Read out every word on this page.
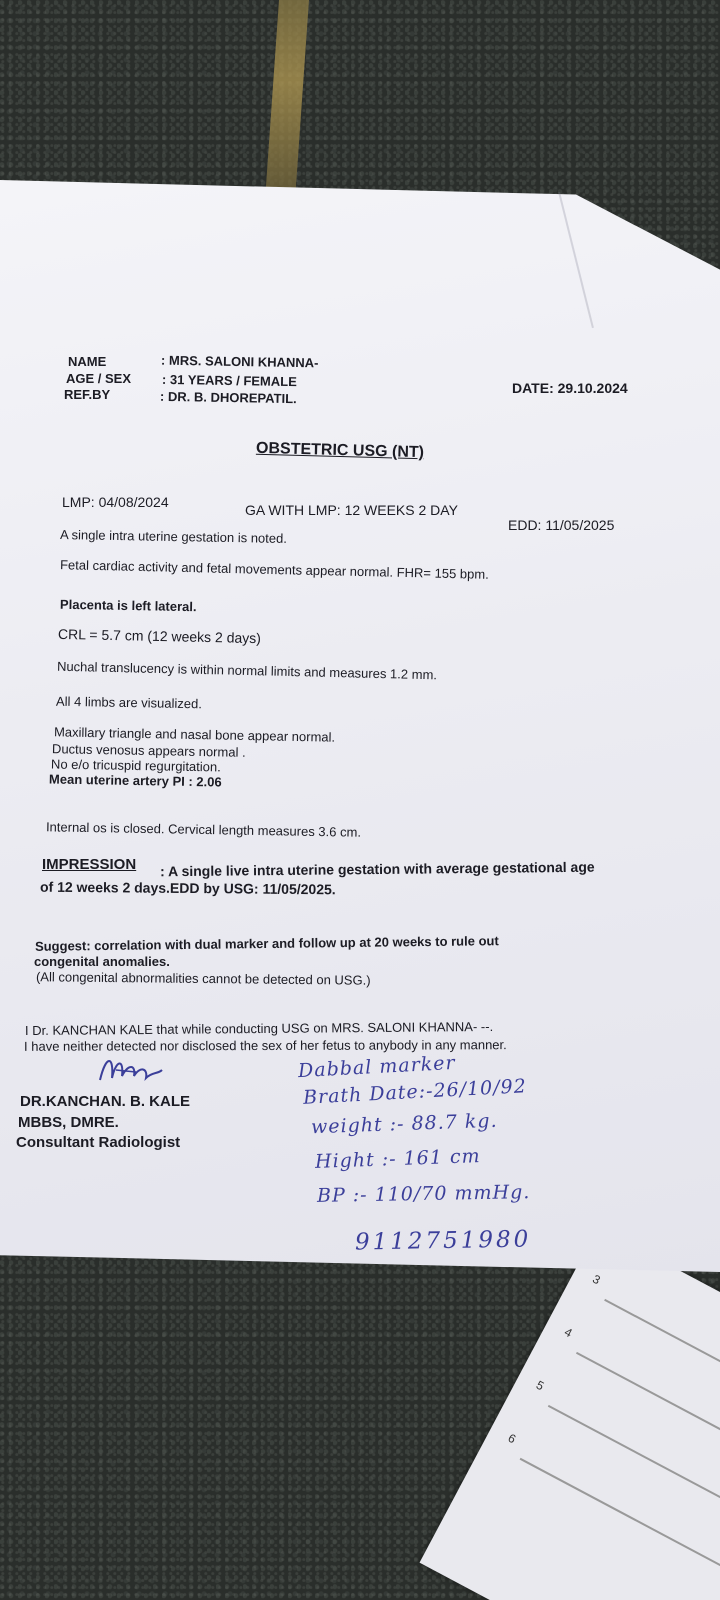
3
4
5
6
NAME	: MRS. SALONI KHANNA-
AGE / SEX : 31 YEARS / FEMALE
REF.BY	: DR. B. DHOREPATIL.
DATE: 29.10.2024
OBSTETRIC USG (NT)
LMP: 04/08/2024	GA WITH LMP: 12 WEEKS 2 DAY
EDD: 11/05/2025
A single intra uterine gestation is noted.
Fetal cardiac activity and fetal movements appear normal. FHR= 155 bpm.
Placenta is left lateral.
CRL = 5.7 cm (12 weeks 2 days)
Nuchal translucency is within normal limits and measures 1.2 mm.
All 4 limbs are visualized.
Maxillary triangle and nasal bone appear normal.
Ductus venosus appears normal .
No e/o tricuspid regurgitation.
Mean uterine artery PI : 2.06
Internal os is closed. Cervical length measures 3.6 cm.
IMPRESSION : A single live intra uterine gestation with average gestational age
of 12 weeks 2 days.EDD by USG: 11/05/2025.
Suggest: correlation with dual marker and follow up at 20 weeks to rule out
congenital anomalies.
(All congenital abnormalities cannot be detected on USG.)
I Dr. KANCHAN KALE that while conducting USG on MRS. SALONI KHANNA- --.
I have neither detected nor disclosed the sex of her fetus to anybody in any manner.
DR.KANCHAN. B. KALE
MBBS, DMRE.
Consultant Radiologist
Dabbal marker
Brath Date:-26/10/92
weight :- 88.7 kg.
Hight :- 161 cm
BP :- 110/70 mmHg.
9112751980
